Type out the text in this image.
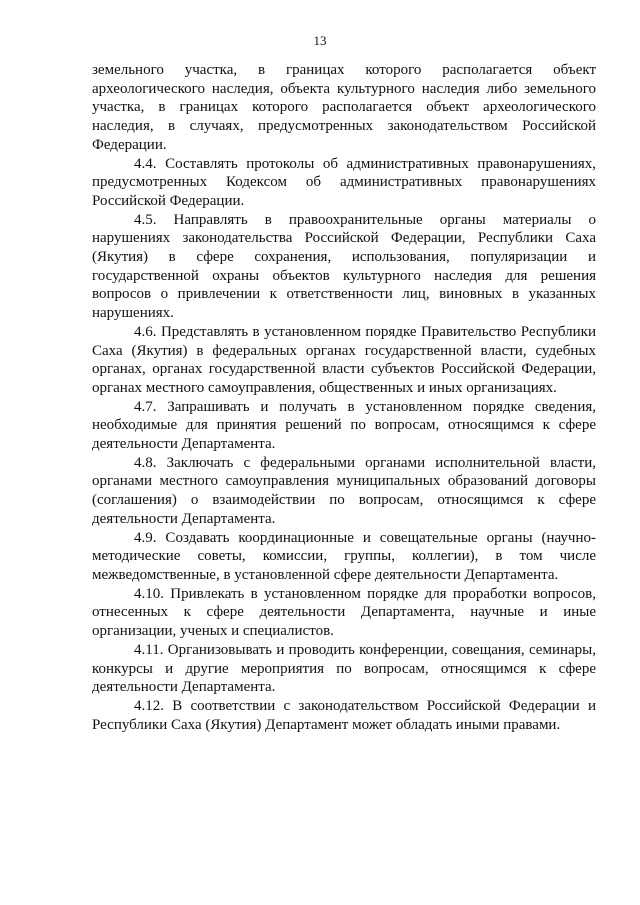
13

земельного участка, в границах которого располагается объект археологического наследия, объекта культурного наследия либо земельного участка, в границах которого располагается объект археологического наследия, в случаях, предусмотренных законодательством Российской Федерации.

4.4. Составлять протоколы об административных правонарушениях, предусмотренных Кодексом об административных правонарушениях Российской Федерации.

4.5. Направлять в правоохранительные органы материалы о нарушениях законодательства Российской Федерации, Республики Саха (Якутия) в сфере сохранения, использования, популяризации и государственной охраны объектов культурного наследия для решения вопросов о привлечении к ответственности лиц, виновных в указанных нарушениях.

4.6. Представлять в установленном порядке Правительство Республики Саха (Якутия) в федеральных органах государственной власти, судебных органах, органах государственной власти субъектов Российской Федерации, органах местного самоуправления, общественных и иных организациях.

4.7. Запрашивать и получать в установленном порядке сведения, необходимые для принятия решений по вопросам, относящимся к сфере деятельности Департамента.

4.8. Заключать с федеральными органами исполнительной власти, органами местного самоуправления муниципальных образований договоры (соглашения) о взаимодействии по вопросам, относящимся к сфере деятельности Департамента.

4.9. Создавать координационные и совещательные органы (научно-методические советы, комиссии, группы, коллегии), в том числе межведомственные, в установленной сфере деятельности Департамента.

4.10. Привлекать в установленном порядке для проработки вопросов, отнесенных к сфере деятельности Департамента, научные и иные организации, ученых и специалистов.

4.11. Организовывать и проводить конференции, совещания, семинары, конкурсы и другие мероприятия по вопросам, относящимся к сфере деятельности Департамента.

4.12. В соответствии с законодательством Российской Федерации и Республики Саха (Якутия) Департамент может обладать иными правами.
